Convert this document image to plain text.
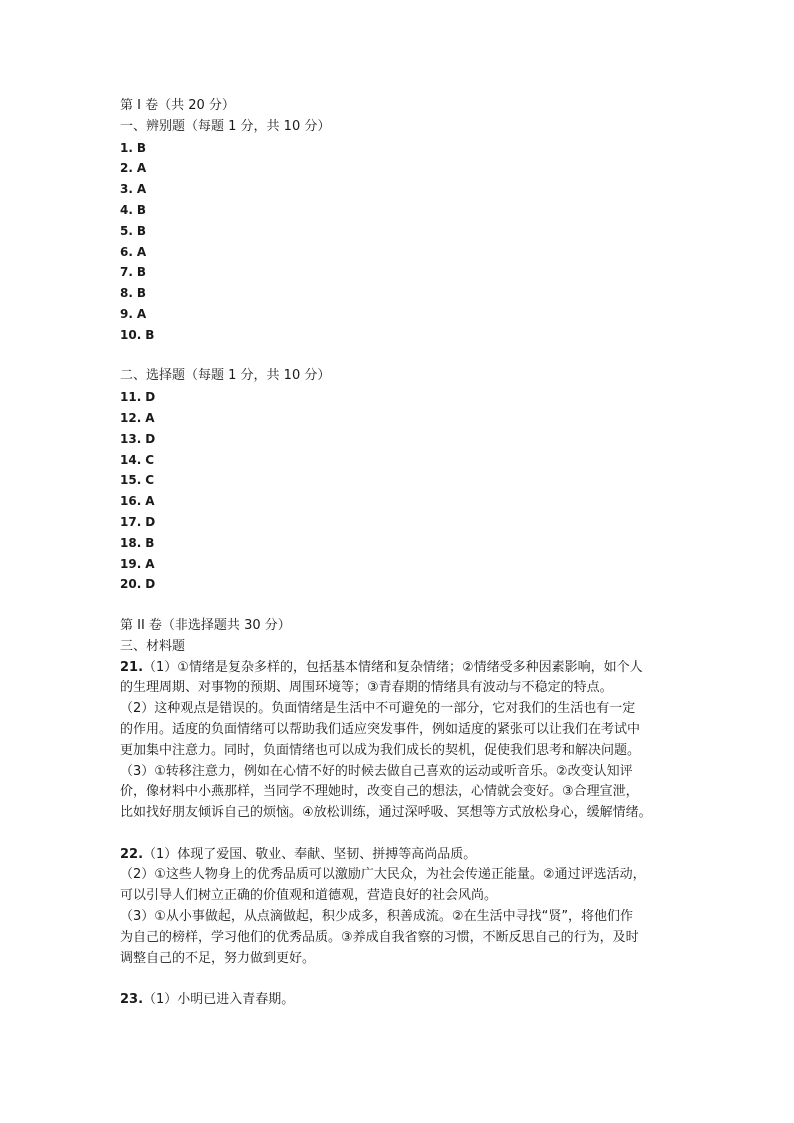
第 I 卷（共 20 分）
一、辨别题（每题 1 分，共 10 分）
1. B
2. A
3. A
4. B
5. B
6. A
7. B
8. B
9. A
10. B
二、选择题（每题 1 分，共 10 分）
11. D
12. A
13. D
14. C
15. C
16. A
17. D
18. B
19. A
20. D
第 II 卷（非选择题共 30 分）
三、材料题
21.（1）①情绪是复杂多样的，包括基本情绪和复杂情绪；②情绪受多种因素影响，如个人
的生理周期、对事物的预期、周围环境等；③青春期的情绪具有波动与不稳定的特点。
（2）这种观点是错误的。负面情绪是生活中不可避免的一部分，它对我们的生活也有一定
的作用。适度的负面情绪可以帮助我们适应突发事件，例如适度的紧张可以让我们在考试中
更加集中注意力。同时，负面情绪也可以成为我们成长的契机，促使我们思考和解决问题。
（3）①转移注意力，例如在心情不好的时候去做自己喜欢的运动或听音乐。②改变认知评
价，像材料中小燕那样，当同学不理她时，改变自己的想法，心情就会变好。③合理宣泄，
比如找好朋友倾诉自己的烦恼。④放松训练，通过深呼吸、冥想等方式放松身心，缓解情绪。
22.（1）体现了爱国、敬业、奉献、坚韧、拼搏等高尚品质。
（2）①这些人物身上的优秀品质可以激励广大民众，为社会传递正能量。②通过评选活动，
可以引导人们树立正确的价值观和道德观，营造良好的社会风尚。
（3）①从小事做起，从点滴做起，积少成多，积善成流。②在生活中寻找“贤”，将他们作
为自己的榜样，学习他们的优秀品质。③养成自我省察的习惯，不断反思自己的行为，及时
调整自己的不足，努力做到更好。
23.（1）小明已进入青春期。
